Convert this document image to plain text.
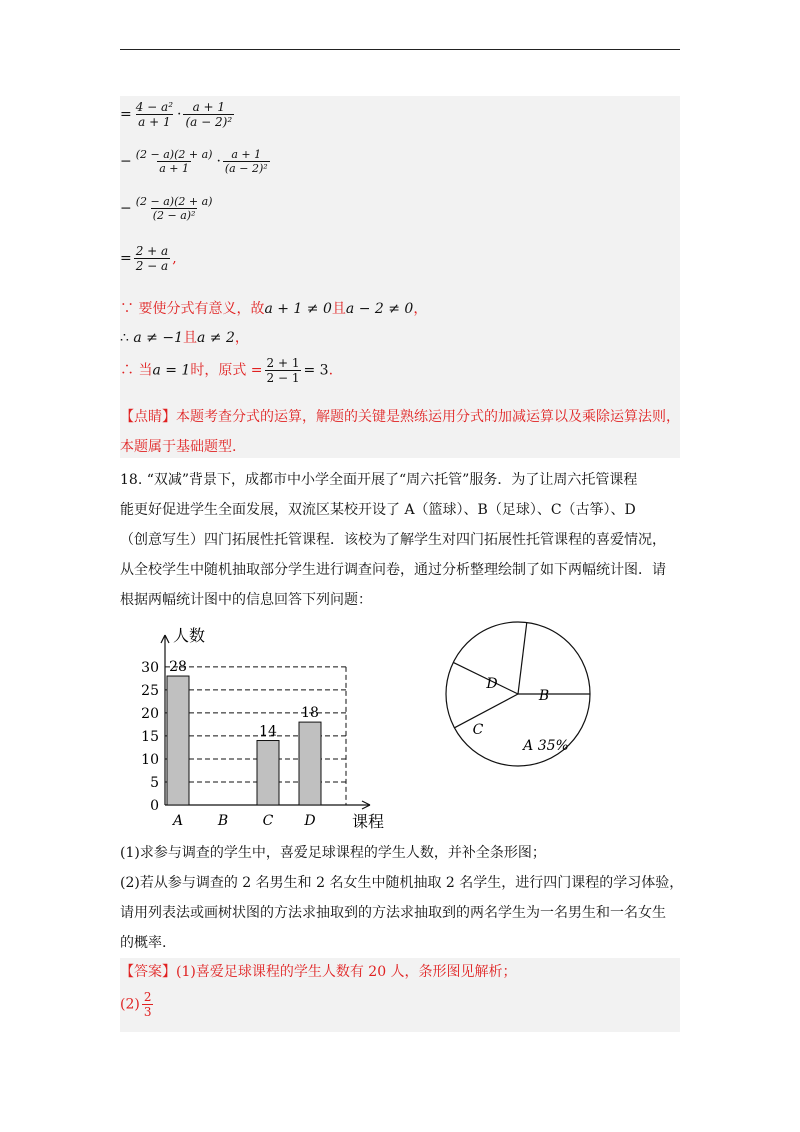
= $\frac{\text{4 − a²}}{a + 1} \cdot \frac{a + 1}{\text{(a − 2)²}}$
− $\frac{(2 - a)(2 + a)}{a + 1} \cdot \frac{a + 1}{\text{(a − 2)²}}$
− $\frac{(2 - a)(2 + a)}{\text{(2 − a)²}}$
= $\frac{2 + a}{2 - a}$ ,
∵ 要使分式有意义，故a + 1 ≠ 0且a − 2 ≠ 0，
∴ a ≠ −1且a ≠ 2，
∴ 当a = 1时，原式 = $\frac{2 + 1}{2 - 1} = 3$.
【点睛】本题考查分式的运算，解题的关键是熟练运用分式的加减运算以及乘除运算法则，
本题属于基础题型.
18. “双减”背景下，成都市中小学全面开展了“周六托管”服务．为了让周六托管课程
能更好促进学生全面发展，双流区某校开设了 A（篮球）、B（足球）、C（古筝）、D
（创意写生）四门拓展性托管课程．该校为了解学生对四门拓展性托管课程的喜爱情况，
从全校学生中随机抽取部分学生进行调查问卷，通过分析整理绘制了如下两幅统计图．请
根据两幅统计图中的信息回答下列问题：
0
5
10
15
20
25
30 28
A B
14
C
18
D
人数
课程
A 35%
B
C
D
(1)求参与调查的学生中，喜爱足球课程的学生人数，并补全条形图；
(2)若从参与调查的 2 名男生和 2 名女生中随机抽取 2 名学生，进行四门课程的学习体验，
请用列表法或画树状图的方法求抽取到的方法求抽取到的两名学生为一名男生和一名女生
的概率.
【答案】(1)喜爱足球课程的学生人数有 20 人，条形图见解析；
$(2) \frac{2}{3}$
